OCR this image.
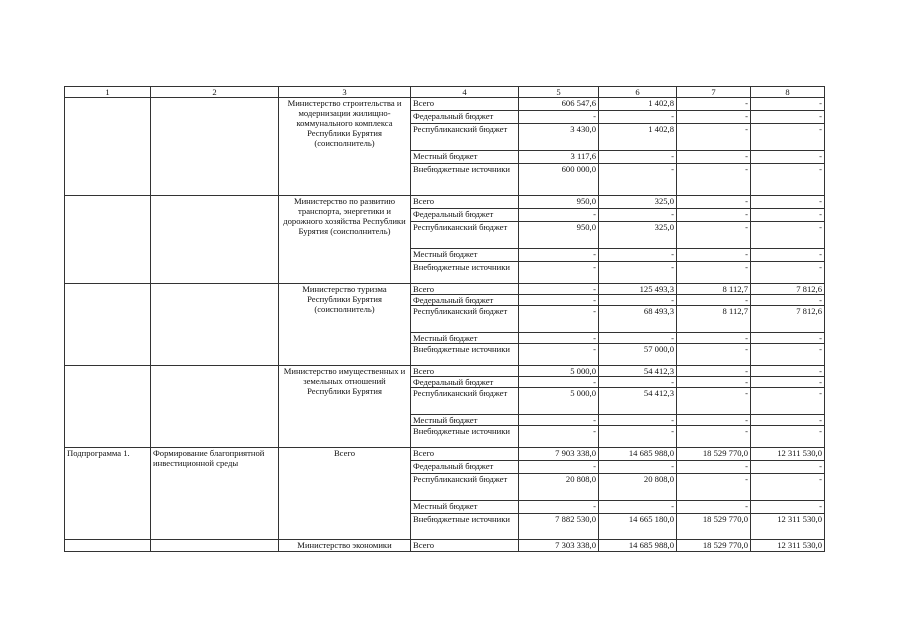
1	2	3	4	5	6	7	8
		Министерство строительства и модернизации жилищно-коммунального комплекса Республики Бурятия (соисполнитель)	Всего	606 547,6	1 402,8	-	-
			Федеральный бюджет	-	-	-	-
			Республиканский бюджет	3 430,0	1 402,8	-	-
			Местный бюджет	3 117,6	-	-	-
			Внебюджетные источники	600 000,0	-	-	-
		Министерство по развитию транспорта, энергетики и дорожного хозяйства Республики Бурятия (соисполнитель)	Всего	950,0	325,0	-	-
			Федеральный бюджет	-	-	-	-
			Республиканский бюджет	950,0	325,0	-	-
			Местный бюджет	-	-	-	-
			Внебюджетные источники	-	-	-	-
		Министерство туризма Республики Бурятия (соисполнитель)	Всего	-	125 493,3	8 112,7	7 812,6
			Федеральный бюджет	-	-	-	-
			Республиканский бюджет	-	68 493,3	8 112,7	7 812,6
			Местный бюджет	-	-	-	-
			Внебюджетные источники	-	57 000,0	-	-
		Министерство имущественных и земельных отношений Республики Бурятия	Всего	5 000,0	54 412,3	-	-
			Федеральный бюджет	-	-	-	-
			Республиканский бюджет	5 000,0	54 412,3	-	-
			Местный бюджет	-	-	-	-
			Внебюджетные источники	-	-	-	-
Подпрограмма 1.	Формирование благоприятной инвестиционной среды	Всего	Всего	7 903 338,0	14 685 988,0	18 529 770,0	12 311 530,0
			Федеральный бюджет	-	-	-	-
			Республиканский бюджет	20 808,0	20 808,0	-	-
			Местный бюджет	-	-	-	-
			Внебюджетные источники	7 882 530,0	14 665 180,0	18 529 770,0	12 311 530,0
		Министерство экономики	Всего	7 303 338,0	14 685 988,0	18 529 770,0	12 311 530,0
